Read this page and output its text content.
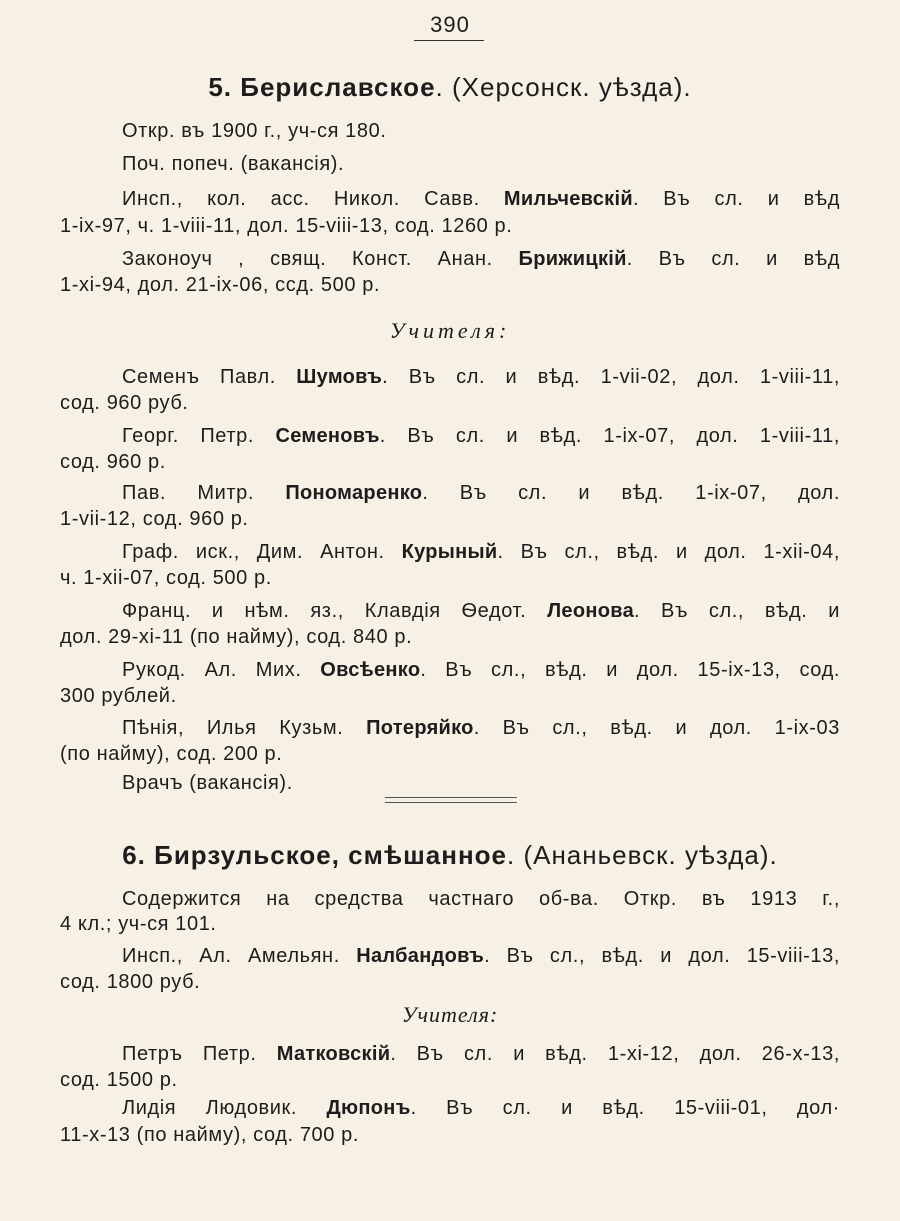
390
5. Бериславское. (Херсонск. уѣзда).
Откр. въ 1900 г., уч-ся 180.
Поч. попеч. (вакансія).
Инсп., кол. асс. Никол. Савв. Мильчевскій. Въ сл. и вѣд
1-ix-97, ч. 1-viii-11, дол. 15-viii-13, сод. 1260 р.
Законоуч , свящ. Конст. Анан. Брижицкій. Въ сл. и вѣд
1-xi-94, дол. 21-ix-06, ссд. 500 р.
Учителя:
Семенъ Павл. Шумовъ. Въ сл. и вѣд. 1-vii-02, дол. 1-viii-11,
сод. 960 руб.
Георг. Петр. Семеновъ. Въ сл. и вѣд. 1-ix-07, дол. 1-viii-11,
сод. 960 р.
Пав. Митр. Пономаренко. Въ сл. и вѣд. 1-ix-07, дол.
1-vii-12, сод. 960 р.
Граф. иск., Дим. Антон. Курыный. Въ сл., вѣд. и дол. 1-xii-04,
ч. 1-xii-07, сод. 500 р.
Франц. и нѣм. яз., Клавдія Ѳедот. Леонова. Въ сл., вѣд. и
дол. 29-xi-11 (по найму), сод. 840 р.
Рукод. Ал. Мих. Овсѣенко. Въ сл., вѣд. и дол. 15-ix-13, сод.
300 рублей.
Пѣнія, Илья Кузьм. Потеряйко. Въ сл., вѣд. и дол. 1-ix-03
(по найму), сод. 200 р.
Врачъ (вакансія).
6. Бирзульское, смѣшанное. (Ананьевск. уѣзда).
Содержится на средства частнаго об-ва. Откр. въ 1913 г.,
4 кл.; уч-ся 101.
Инсп., Ал. Амельян. Налбандовъ. Въ сл., вѣд. и дол. 15-viii-13,
сод. 1800 руб.
Учителя:
Петръ Петр. Матковскій. Въ сл. и вѣд. 1-xi-12, дол. 26-x-13,
сод. 1500 р.
Лидія Людовик. Дюпонъ. Въ сл. и вѣд. 15-viii-01, дол·
11-x-13 (по найму), сод. 700 р.
